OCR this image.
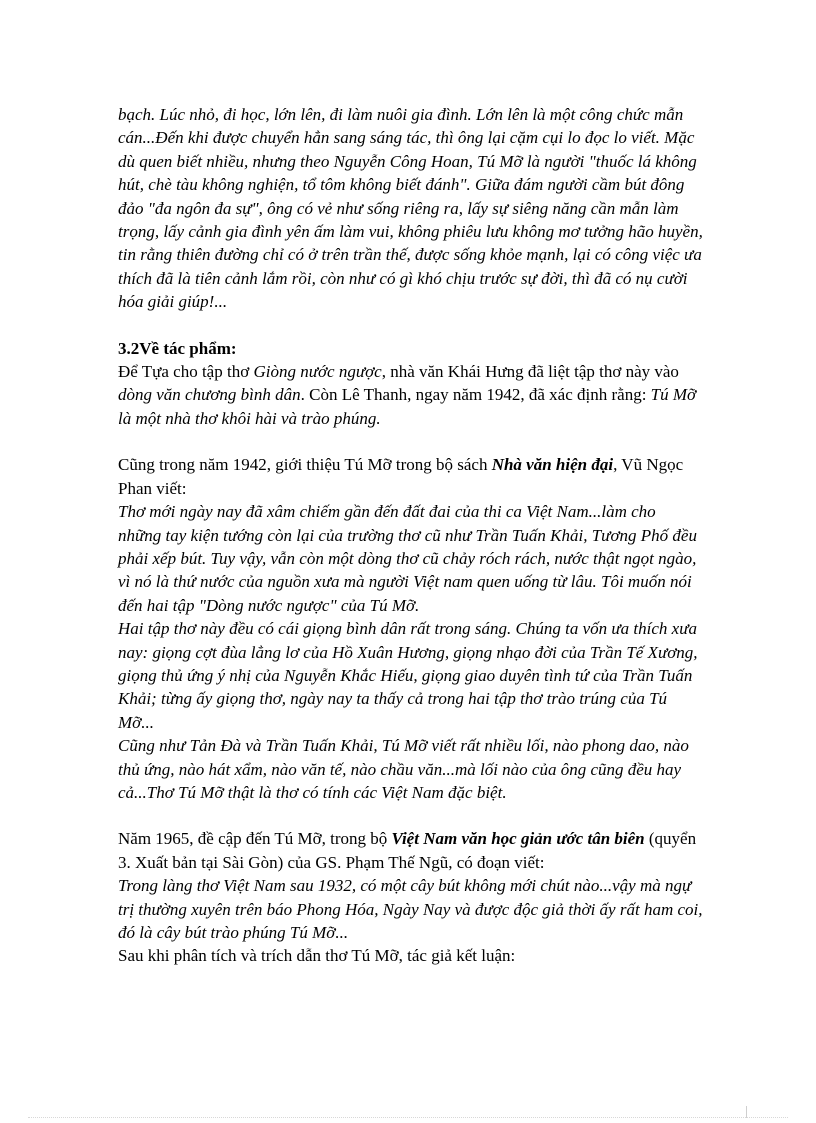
bạch. Lúc nhỏ, đi học, lớn lên, đi làm nuôi gia đình. Lớn lên là một công chức mẫn cán...Đến khi được chuyển hẳn sang sáng tác, thì ông lại cặm cụi lo đọc lo viết. Mặc dù quen biết nhiều, nhưng theo Nguyễn Công Hoan, Tú Mỡ là người "thuốc lá không hút, chè tàu không nghiện, tổ tôm không biết đánh". Giữa đám người cầm bút đông đảo "đa ngôn đa sự", ông có vẻ như sống riêng ra, lấy sự siêng năng cần mẫn làm trọng, lấy cảnh gia đình yên ấm làm vui, không phiêu lưu không mơ tưởng hão huyền, tin rằng thiên đường chỉ có ở trên trần thế, được sống khỏe mạnh, lại có công việc ưa thích đã là tiên cảnh lắm rồi, còn như có gì khó chịu trước sự đời, thì đã có nụ cười hóa giải giúp!...

3.2Về tác phẩm:

Để Tựa cho tập thơ Giòng nước ngược, nhà văn Khái Hưng đã liệt tập thơ này vào dòng văn chương bình dân. Còn Lê Thanh, ngay năm 1942, đã xác định rằng: Tú Mỡ là một nhà thơ khôi hài và trào phúng.

Cũng trong năm 1942, giới thiệu Tú Mỡ trong bộ sách Nhà văn hiện đại, Vũ Ngọc Phan viết:

Thơ mới ngày nay đã xâm chiếm gần đến đất đai của thi ca Việt Nam...làm cho những tay kiện tướng còn lại của trường thơ cũ như Trần Tuấn Khải, Tương Phố đều phải xếp bút. Tuy vậy, vẫn còn một dòng thơ cũ chảy róch rách, nước thật ngọt ngào, vì nó là thứ nước của nguồn xưa mà người Việt nam quen uống từ lâu. Tôi muốn nói đến hai tập "Dòng nước ngược" của Tú Mỡ.

Hai tập thơ này đều có cái giọng bình dân rất trong sáng. Chúng ta vốn ưa thích xưa nay: giọng cợt đùa lẳng lơ của Hồ Xuân Hương, giọng nhạo đời của Trần Tế Xương, giọng thủ ứng ý nhị của Nguyễn Khắc Hiếu, giọng giao duyên tình tứ của Trần Tuấn Khải; từng ấy giọng thơ, ngày nay ta thấy cả trong hai tập thơ trào trúng của Tú Mỡ...

Cũng như Tản Đà và Trần Tuấn Khải, Tú Mỡ viết rất nhiều lối, nào phong dao, nào thủ ứng, nào hát xẩm, nào văn tế, nào chầu văn...mà lối nào của ông cũng đều hay cả...Thơ Tú Mỡ thật là thơ có tính các Việt Nam đặc biệt.

Năm 1965, đề cập đến Tú Mỡ, trong bộ Việt Nam văn học giản ước tân biên (quyển 3. Xuất bản tại Sài Gòn) của GS. Phạm Thế Ngũ, có đoạn viết:

Trong làng thơ Việt Nam sau 1932, có một cây bút không mới chút nào...vậy mà ngự trị thường xuyên trên báo Phong Hóa, Ngày Nay và được độc giả thời ấy rất ham coi, đó là cây bút trào phúng Tú Mỡ...

Sau khi phân tích và trích dẫn thơ Tú Mỡ, tác giả kết luận:
